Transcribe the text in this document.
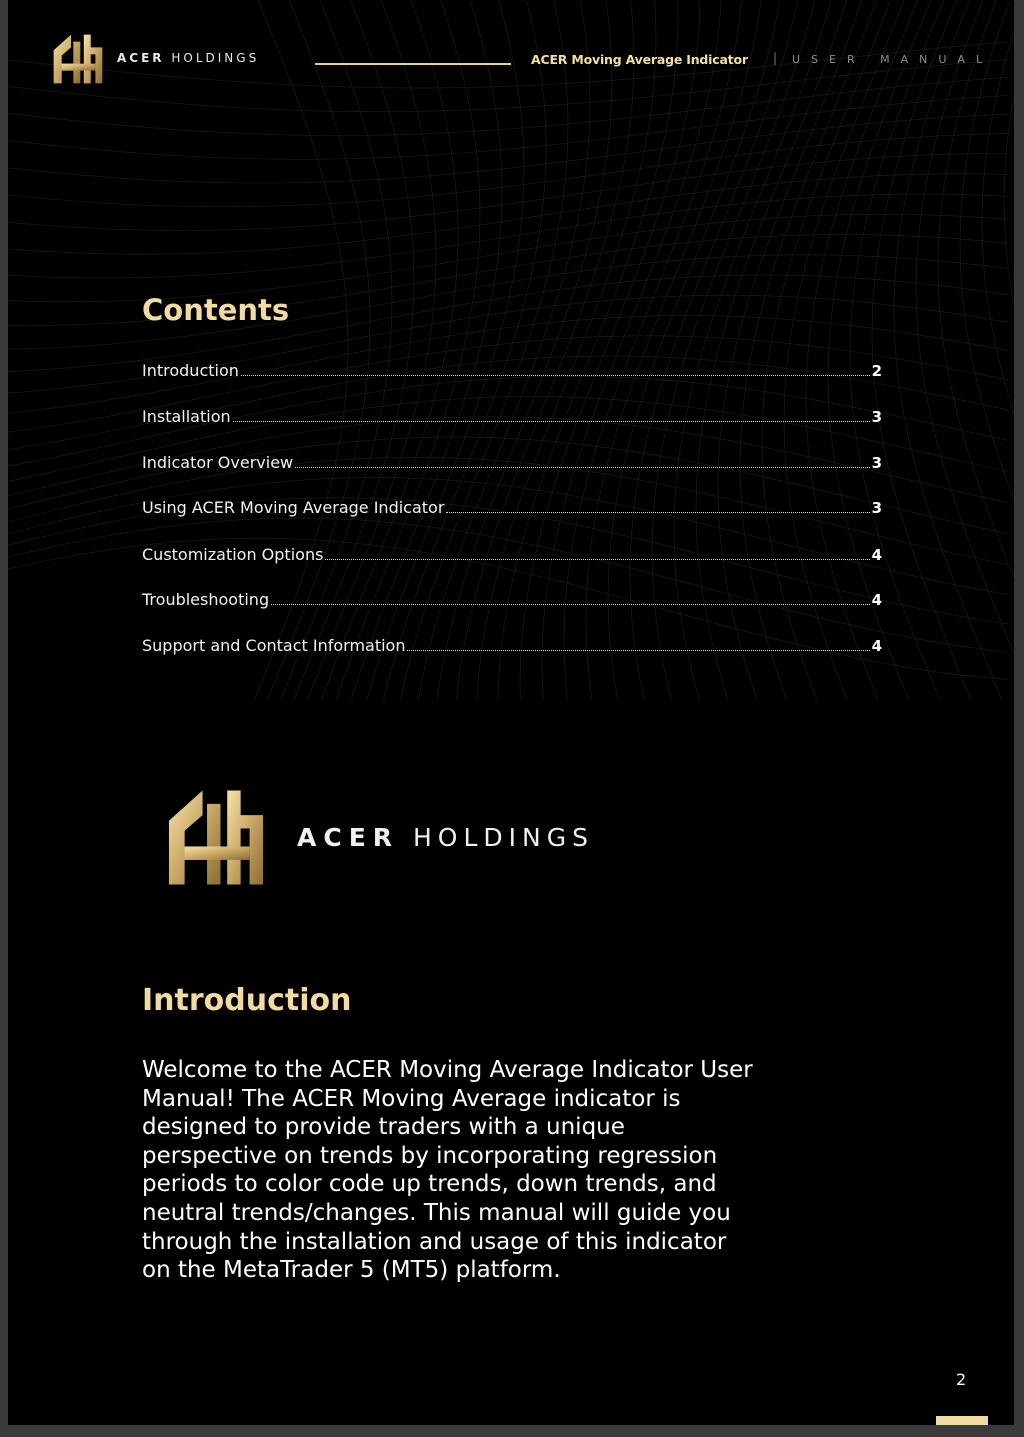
ACER HOLDINGS	ACER Moving Average Indicator | USER MANUAL
Contents
Introduction	2
Installation	3
Indicator Overview	3
Using ACER Moving Average Indicator	3
Customization Options	4
Troubleshooting	4
Support and Contact Information	4
ACER HOLDINGS
Introduction

Welcome to the ACER Moving Average Indicator User Manual! The ACER Moving Average indicator is designed to provide traders with a unique perspective on trends by incorporating regression periods to color code up trends, down trends, and neutral trends/changes. This manual will guide you through the installation and usage of this indicator on the MetaTrader 5 (MT5) platform.

2
